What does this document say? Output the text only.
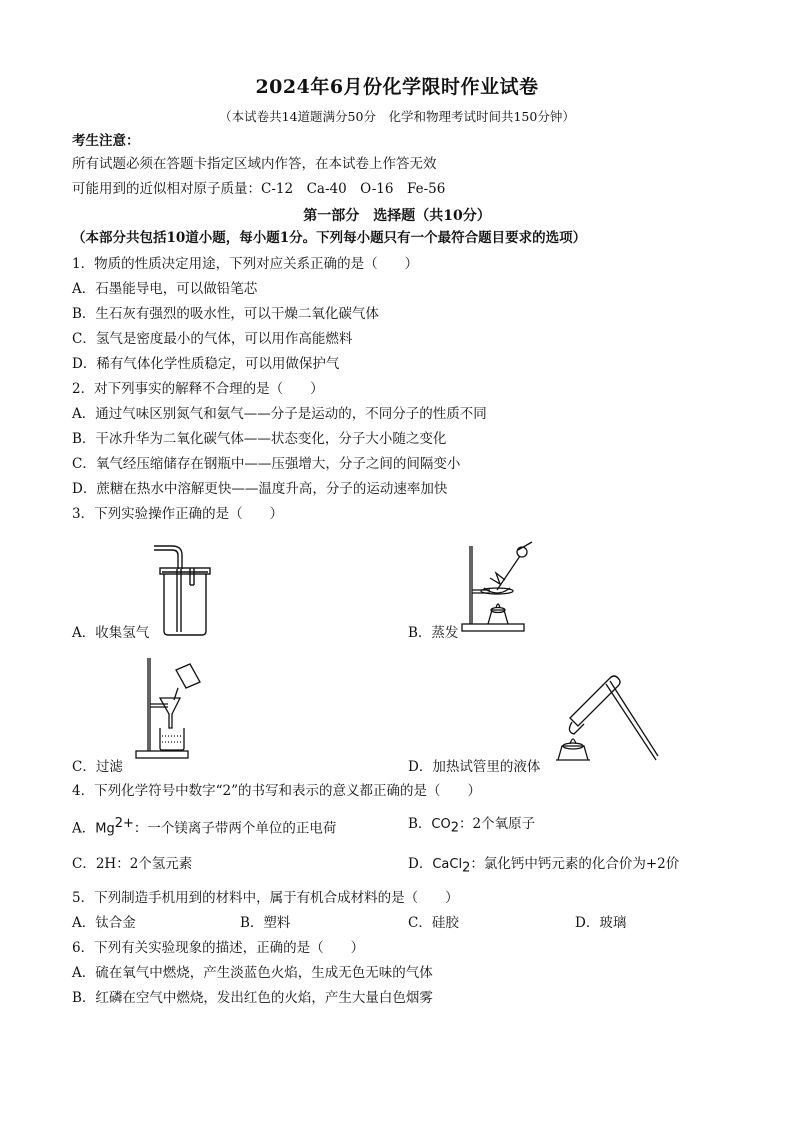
2024年6月份化学限时作业试卷
（本试卷共14道题满分50分　化学和物理考试时间共150分钟）
考生注意：
所有试题必须在答题卡指定区域内作答，在本试卷上作答无效
可能用到的近似相对原子质量：C-12　Ca-40　O-16　Fe-56
第一部分　选择题（共10分）
（本部分共包括10道小题，每小题1分。下列每小题只有一个最符合题目要求的选项）
1．物质的性质决定用途，下列对应关系正确的是（　　）
A．石墨能导电，可以做铅笔芯
B．生石灰有强烈的吸水性，可以干燥二氧化碳气体
C．氢气是密度最小的气体，可以用作高能燃料
D．稀有气体化学性质稳定，可以用做保护气
2．对下列事实的解释不合理的是（　　）
A．通过气味区别氮气和氨气——分子是运动的，不同分子的性质不同
B．干冰升华为二氧化碳气体——状态变化，分子大小随之变化
C．氧气经压缩储存在钢瓶中——压强增大，分子之间的间隔变小
D．蔗糖在热水中溶解更快——温度升高，分子的运动速率加快
3．下列实验操作正确的是（　　）
A．收集氢气	B．蒸发
C．过滤	D．加热试管里的液体
4．下列化学符号中数字“2”的书写和表示的意义都正确的是（　　）
A．$Mg^{2+}$：一个镁离子带两个单位的正电荷	B．$CO_2$：2个氧原子
C．2H：2个氢元素	D．CaCl$_2$：氯化钙中钙元素的化合价为+2价
5．下列制造手机用到的材料中，属于有机合成材料的是（　　）
A．钛合金	B．塑料	C．硅胶	D．玻璃
6．下列有关实验现象的描述，正确的是（　　）
A．硫在氧气中燃烧，产生淡蓝色火焰，生成无色无味的气体
B．红磷在空气中燃烧，发出红色的火焰，产生大量白色烟雾
